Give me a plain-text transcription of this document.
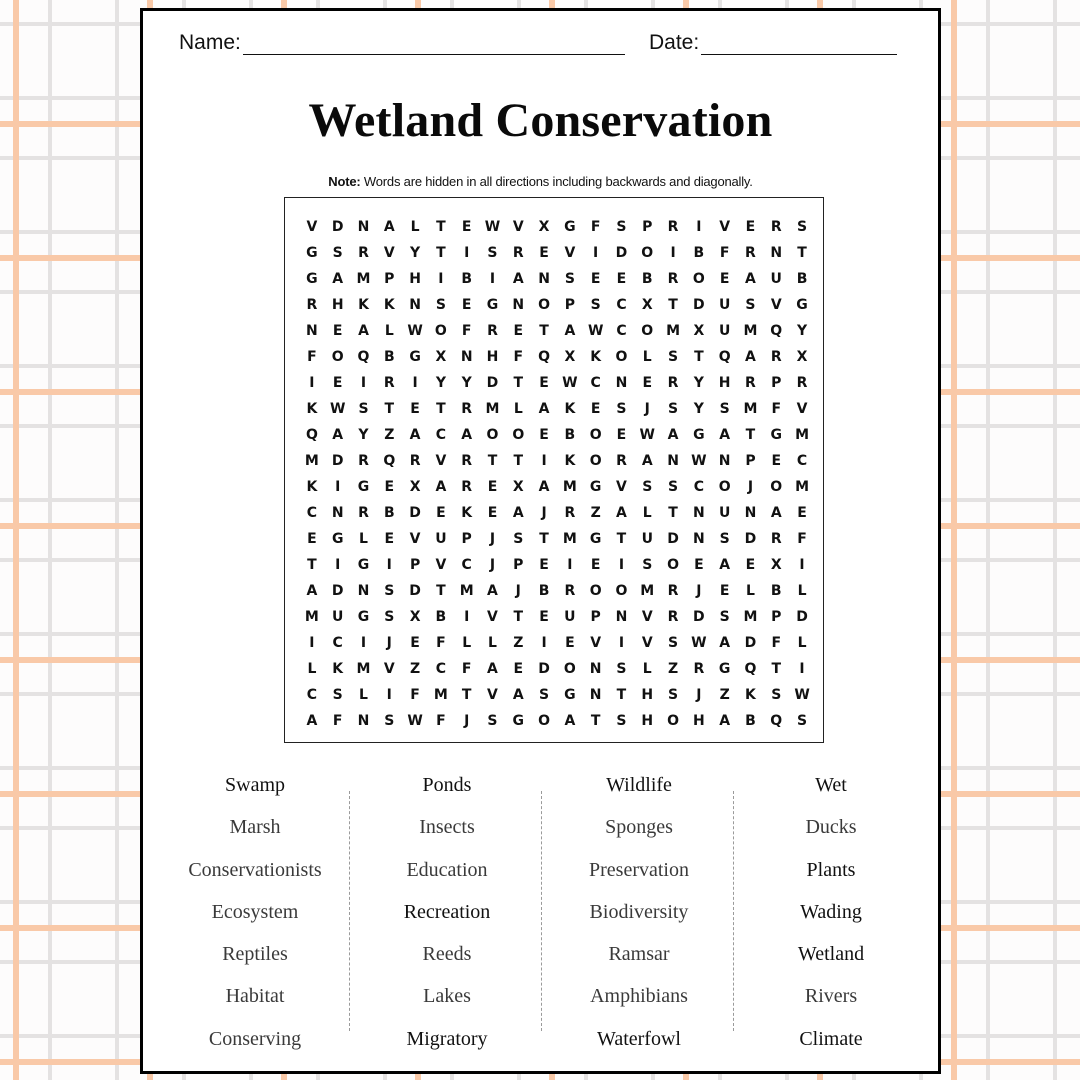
Name:	Date:
Wetland Conservation
Note: Words are hidden in all directions including backwards and diagonally.
V	D	N	A	L	T	E W V	X	G	F	S	P	R	I	V	E	R	S
G	S	R	V	Y	T	I	S	R	E	V	I	D	O	I	B	F	R	N	T
G	A M P	H	I	B	I	A	N	S	E	E	B	R	O	E	A	U	B
R	H	K	K	N	S	E	G	N O	P	S	C	X	T	D	U	S	V	G
N	E	A	L W O	F	R	E	T	A W C	O M X	U M Q	Y
F	O Q	B	G	X	N	H	F	Q	X	K	O	L	S	T	Q	A	R	X
I	E	I	R	I	Y	Y	D	T	E W C	N	E	R	Y	H	R	P	R
K W S	T	E	T	R M	L	A	K	E	S	J	S	Y	S M	F	V
Q	A	Y	Z	A	C	A	O O	E	B	O	E W A	G	A	T	G M
M D	R	Q	R	V	R	T	T	I	K	O	R	A	N W N	P	E	C
K	I	G	E	X	A	R	E	X	A M G	V	S	S	C	O	J	O M
C	N	R	B	D	E	K	E	A	J	R	Z	A	L	T	N	U	N	A	E
E	G	L	E	V	U	P	J	S	T	M G	T	U	D	N	S	D	R	F
T	I	G	I	P	V	C	J	P	E	I	E	I	S	O	E	A	E	X	I
A	D	N	S	D	T	M A	J	B	R	O O M R	J	E	L	B	L
M U	G	S	X	B	I	V	T	E	U	P	N	V	R	D	S M P	D
I	C	I	J	E	F	L	L	Z	I	E	V	I	V	S W A	D	F	L
L	K M V	Z	C	F	A	E	D	O N	S	L	Z	R	G	Q	T	I
C	S	L	I	F	M	T	V	A	S	G	N	T	H	S	J	Z	K	S W
A	F	N	S W F	J	S	G	O	A	T	S	H O H	A	B	Q	S
Swamp
Marsh
Conservationists
Ecosystem
Reptiles
Habitat
Conserving
Ponds
Insects
Education
Recreation
Reeds
Lakes
Migratory
Wildlife
Sponges
Preservation
Biodiversity
Ramsar
Amphibians
Waterfowl
Wet
Ducks
Plants
Wading
Wetland
Rivers
Climate
